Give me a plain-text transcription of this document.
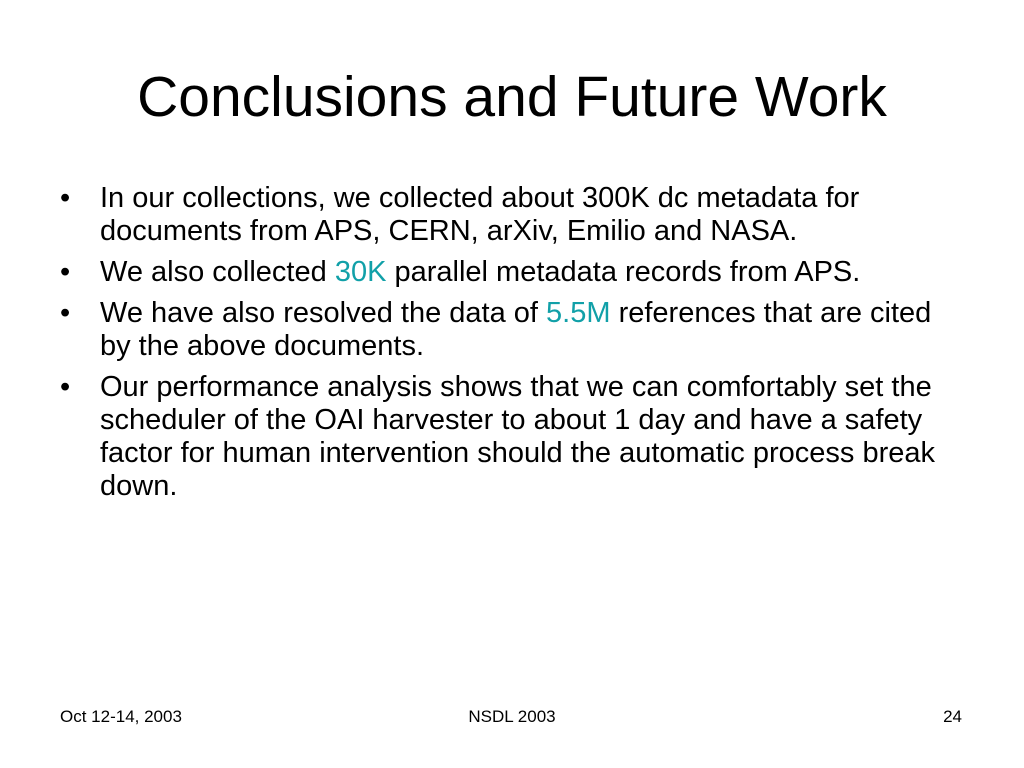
Conclusions and Future Work
•	In our collections, we collected about 300K dc metadata for documents from APS, CERN, arXiv, Emilio and NASA.
•	We also collected 30K parallel metadata records from APS.
•	We have also resolved the data of 5.5M references that are cited by the above documents.
•	Our performance analysis shows that we can comfortably set the scheduler of the OAI harvester to about 1 day and have a safety factor for human intervention should the automatic process break down.
Oct 12-14, 2003	NSDL 2003	24
